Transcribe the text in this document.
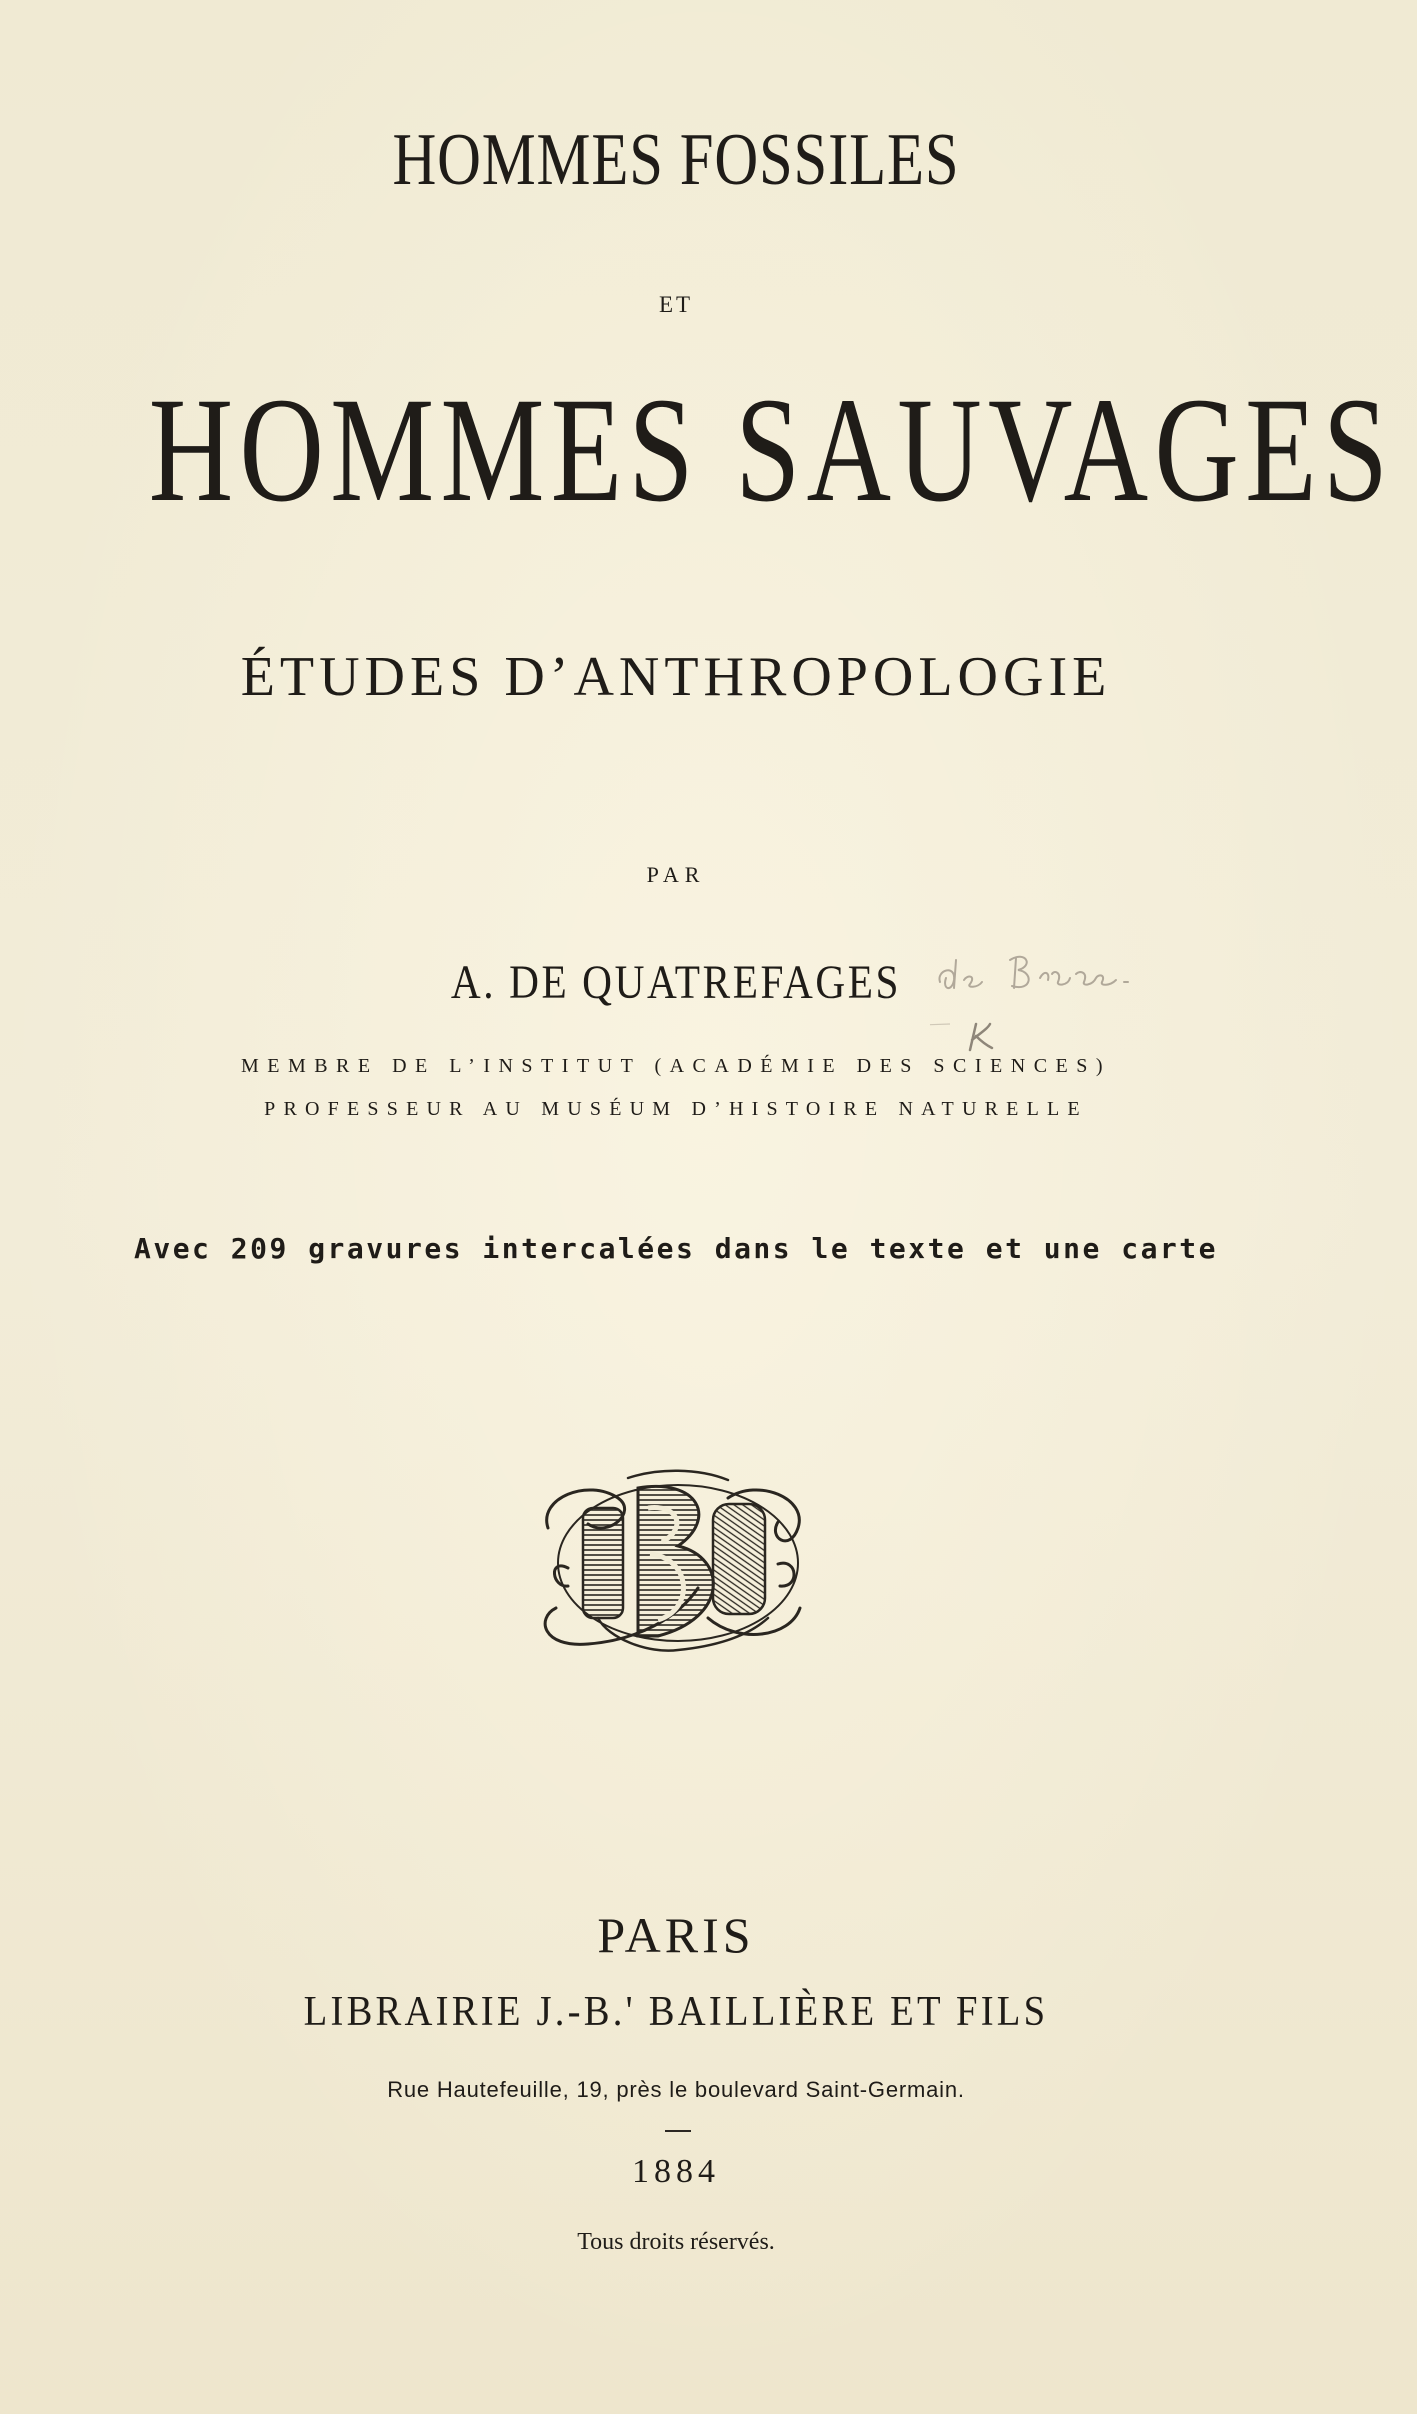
HOMMES FOSSILES
ET
HOMMES SAUVAGES
ÉTUDES D’ANTHROPOLOGIE
PAR
A. DE QUATREFAGES
MEMBRE DE L’INSTITUT (ACADÉMIE DES SCIENCES)
PROFESSEUR AU MUSÉUM D’HISTOIRE NATURELLE
Avec 209 gravures intercalées dans le texte et une carte
PARIS
LIBRAIRIE J.-B.' BAILLIÈRE ET FILS
Rue Hautefeuille, 19, près le boulevard Saint-Germain.
1884
Tous droits réservés.
